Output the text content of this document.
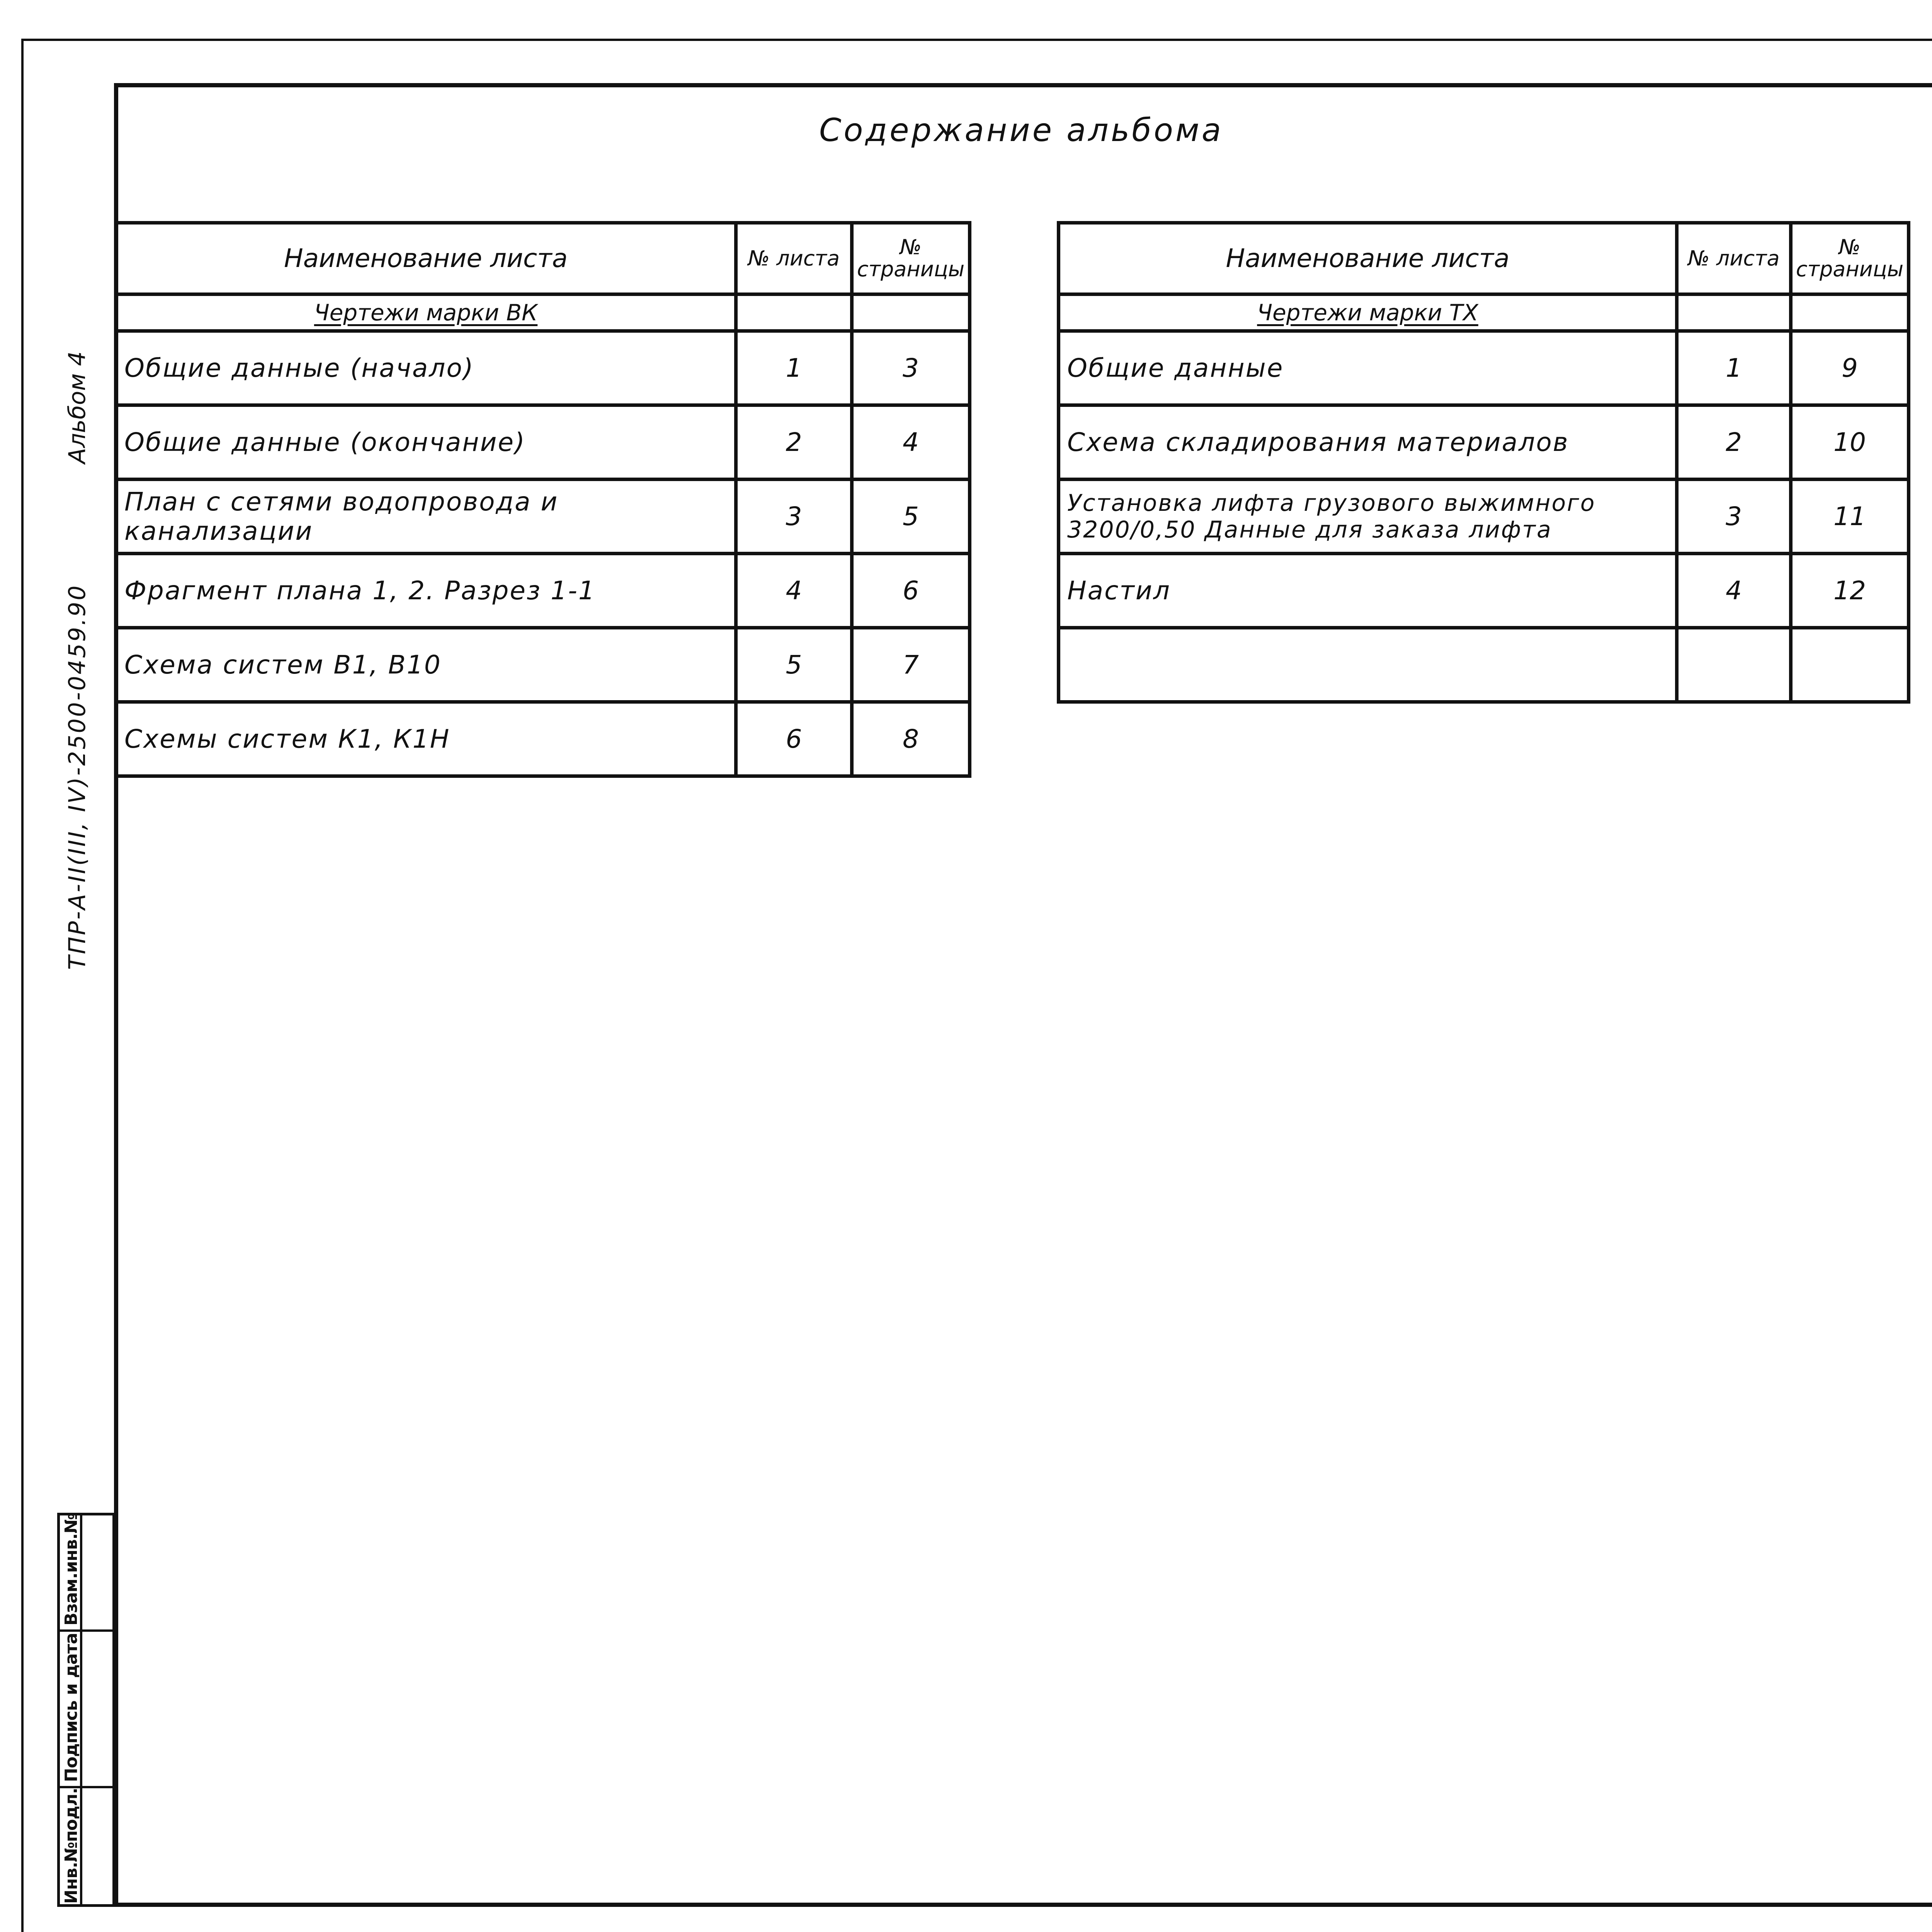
Содержание альбома
Альбом 4
ТПР-А-II(III, IV)-2500-0459.90
Наименование листа	№ листа	№ страницы
Чертежи марки ВК		
Общие данные (начало)	1	3
Общие данные (окончание)	2	4
План с сетями водопровода и канализации	3	5
Фрагмент плана 1, 2. Разрез 1-1	4	6
Схема систем В1, В10	5	7
Схемы систем К1, К1Н	6	8
Наименование листа	№ листа	№ страницы
Чертежи марки ТХ		
Общие данные	1	9
Схема складирования материалов	2	10
Установка лифта грузового выжимного 3200/0,50 Данные для заказа лифта	3	11
Настил	4	12

Инв.№подл.
Подпись и дата
Взам.инв.№
